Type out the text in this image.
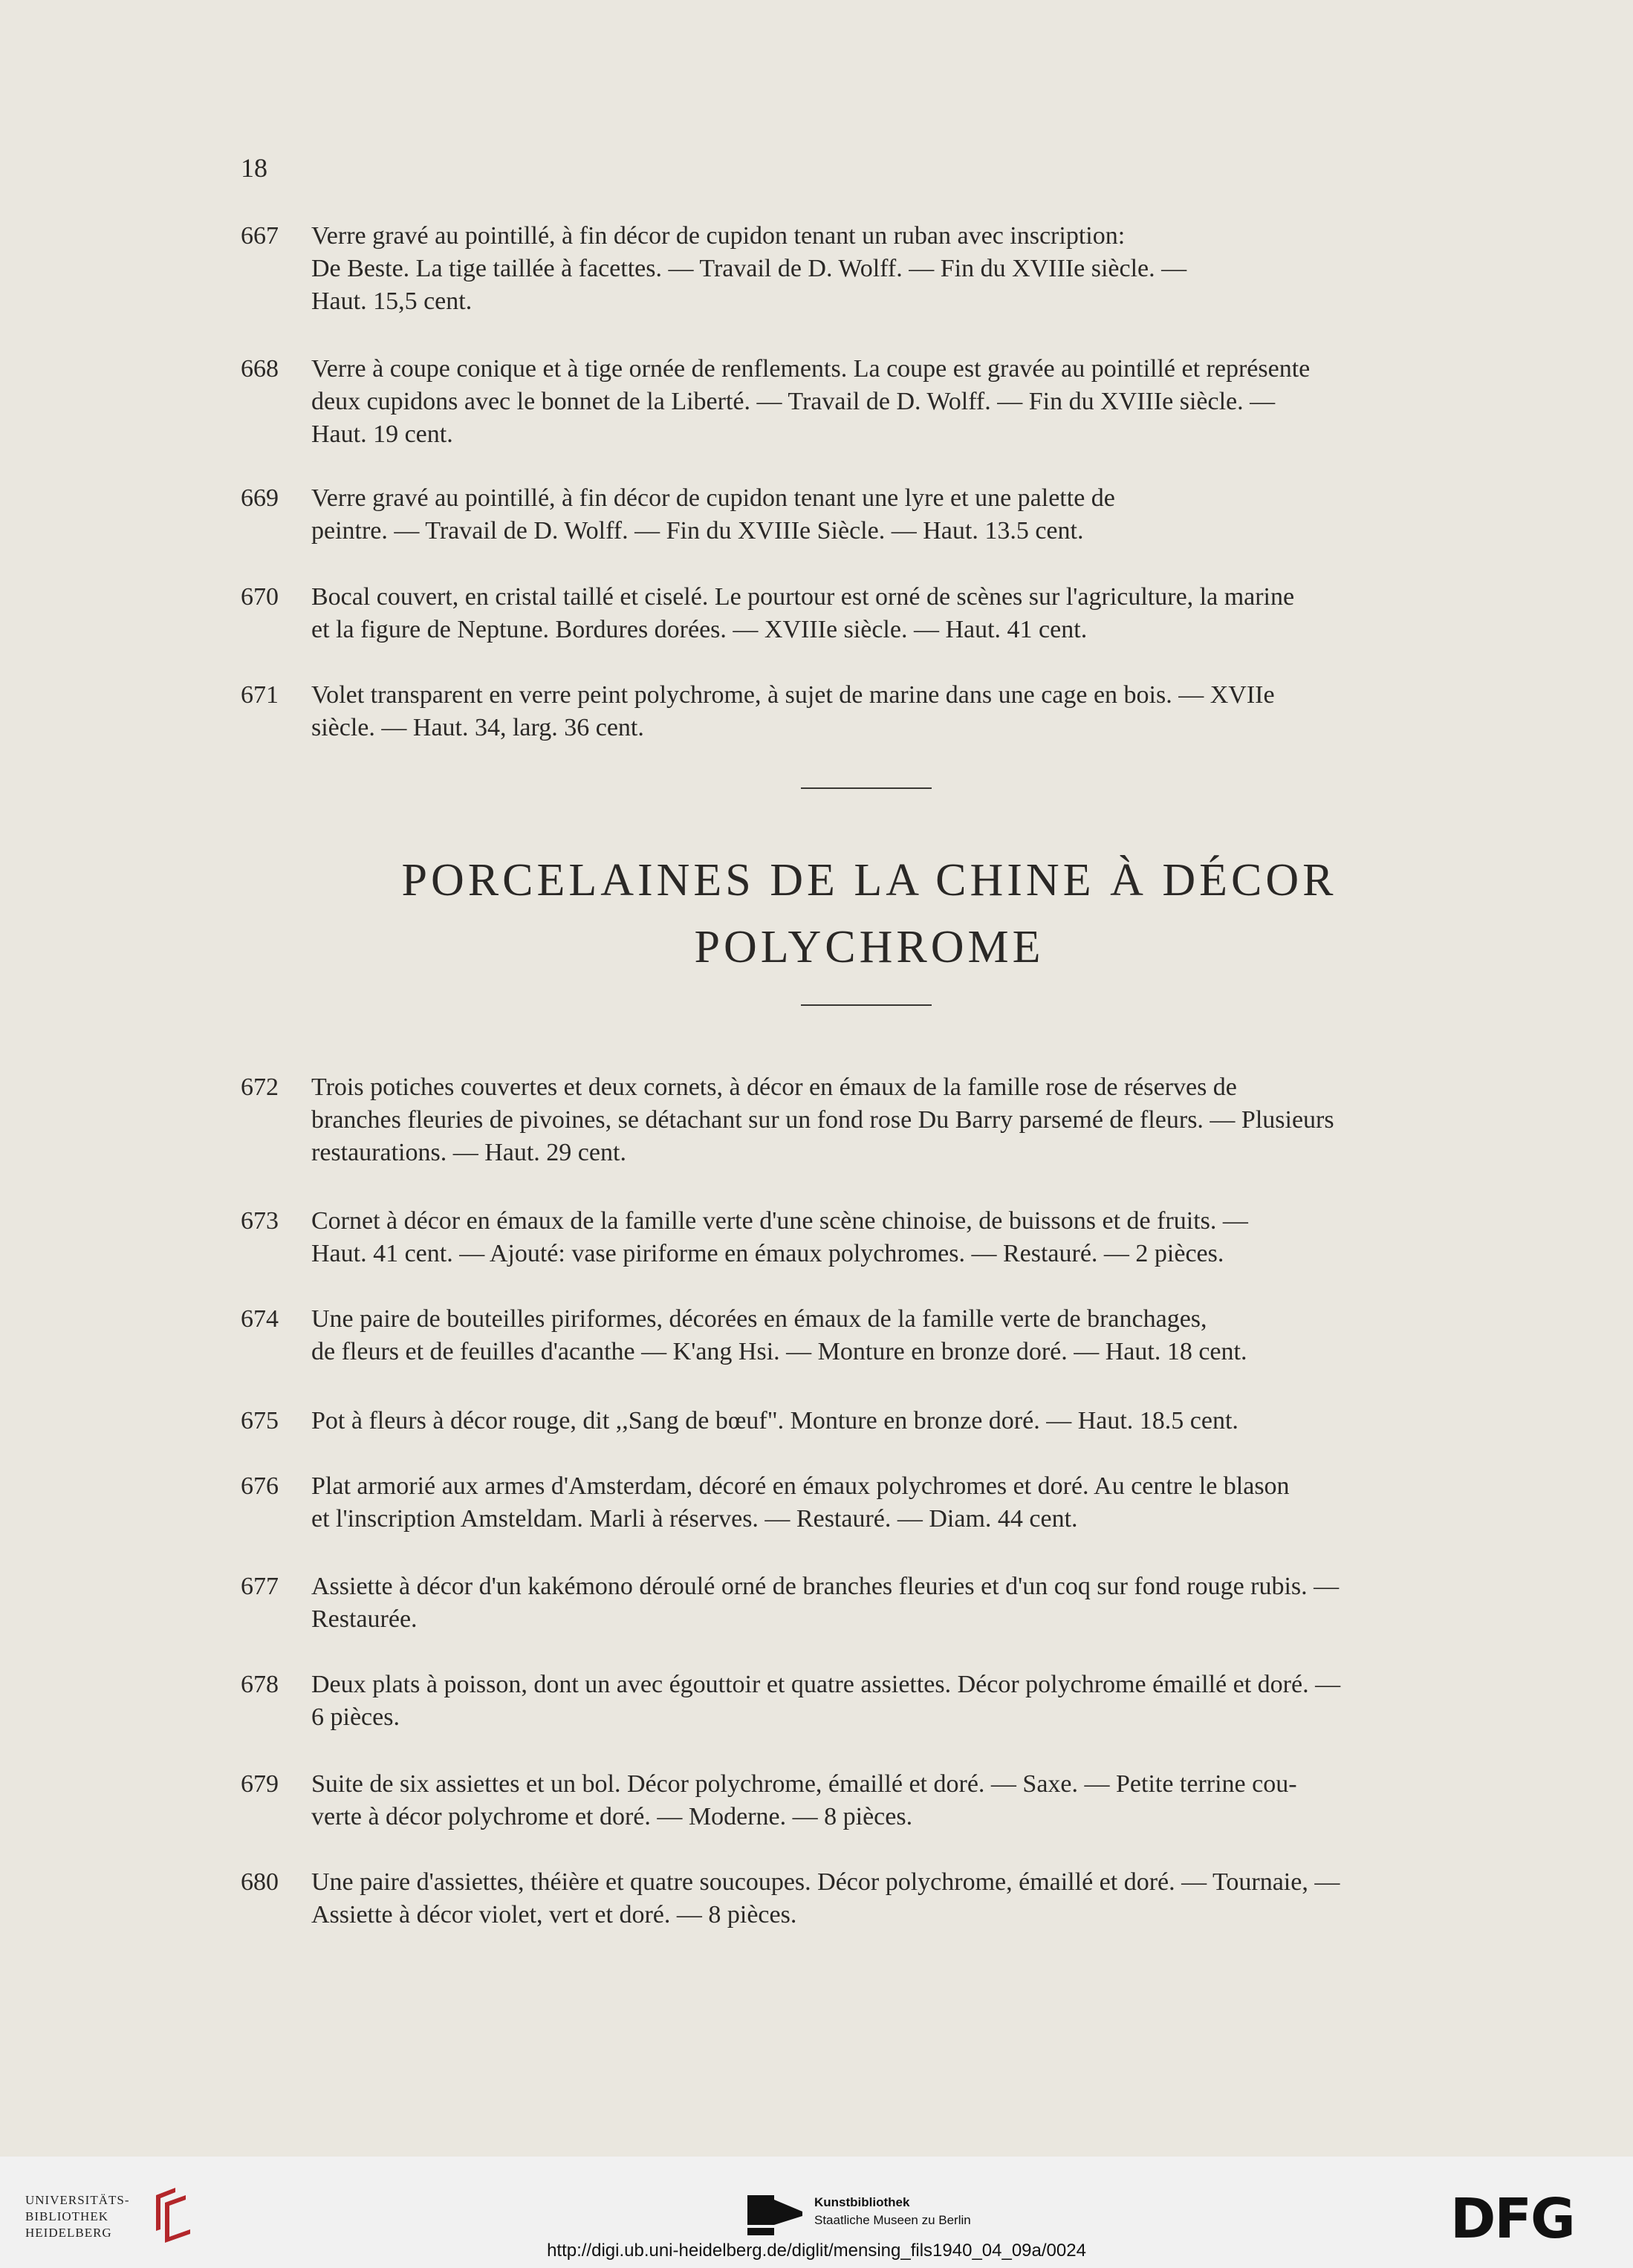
18
667	Verre gravé au pointillé, à fin décor de cupidon tenant un ruban avec inscription:
De Beste. La tige taillée à facettes. — Travail de D. Wolff. — Fin du XVIIIe siècle. —
Haut. 15,5 cent.
668	Verre à coupe conique et à tige ornée de renflements. La coupe est gravée au pointillé et représente
deux cupidons avec le bonnet de la Liberté. — Travail de D. Wolff. — Fin du XVIIIe siècle. —
Haut. 19 cent.
669	Verre gravé au pointillé, à fin décor de cupidon tenant une lyre et une palette de
peintre. — Travail de D. Wolff. — Fin du XVIIIe Siècle. — Haut. 13.5 cent.
670	Bocal couvert, en cristal taillé et ciselé. Le pourtour est orné de scènes sur l'agriculture, la marine
et la figure de Neptune. Bordures dorées. — XVIIIe siècle. — Haut. 41 cent.
671	Volet transparent en verre peint polychrome, à sujet de marine dans une cage en bois. — XVIIe
siècle. — Haut. 34, larg. 36 cent.
PORCELAINES DE LA CHINE À DÉCOR
POLYCHROME
672	Trois potiches couvertes et deux cornets, à décor en émaux de la famille rose de réserves de
branches fleuries de pivoines, se détachant sur un fond rose Du Barry parsemé de fleurs. — Plusieurs
restaurations. — Haut. 29 cent.
673	Cornet à décor en émaux de la famille verte d'une scène chinoise, de buissons et de fruits. —
Haut. 41 cent. — Ajouté: vase piriforme en émaux polychromes. — Restauré. — 2 pièces.
674	Une paire de bouteilles piriformes, décorées en émaux de la famille verte de branchages,
de fleurs et de feuilles d'acanthe — K'ang Hsi. — Monture en bronze doré. — Haut. 18 cent.
675	Pot à fleurs à décor rouge, dit ,,Sang de bœuf". Monture en bronze doré. — Haut. 18.5 cent.
676	Plat armorié aux armes d'Amsterdam, décoré en émaux polychromes et doré. Au centre le blason
et l'inscription Amsteldam. Marli à réserves. — Restauré. — Diam. 44 cent.
677	Assiette à décor d'un kakémono déroulé orné de branches fleuries et d'un coq sur fond rouge rubis. —
Restaurée.
678	Deux plats à poisson, dont un avec égouttoir et quatre assiettes. Décor polychrome émaillé et doré. —
6 pièces.
679	Suite de six assiettes et un bol. Décor polychrome, émaillé et doré. — Saxe. — Petite terrine cou-
verte à décor polychrome et doré. — Moderne. — 8 pièces.
680	Une paire d'assiettes, théière et quatre soucoupes. Décor polychrome, émaillé et doré. — Tournaie, —
Assiette à décor violet, vert et doré. — 8 pièces.
UNIVERSITÄTS-
BIBLIOTHEK
HEIDELBERG
Kunstbibliothek
Staatliche Museen zu Berlin	DFG
http://digi.ub.uni-heidelberg.de/diglit/mensing_fils1940_04_09a/0024
